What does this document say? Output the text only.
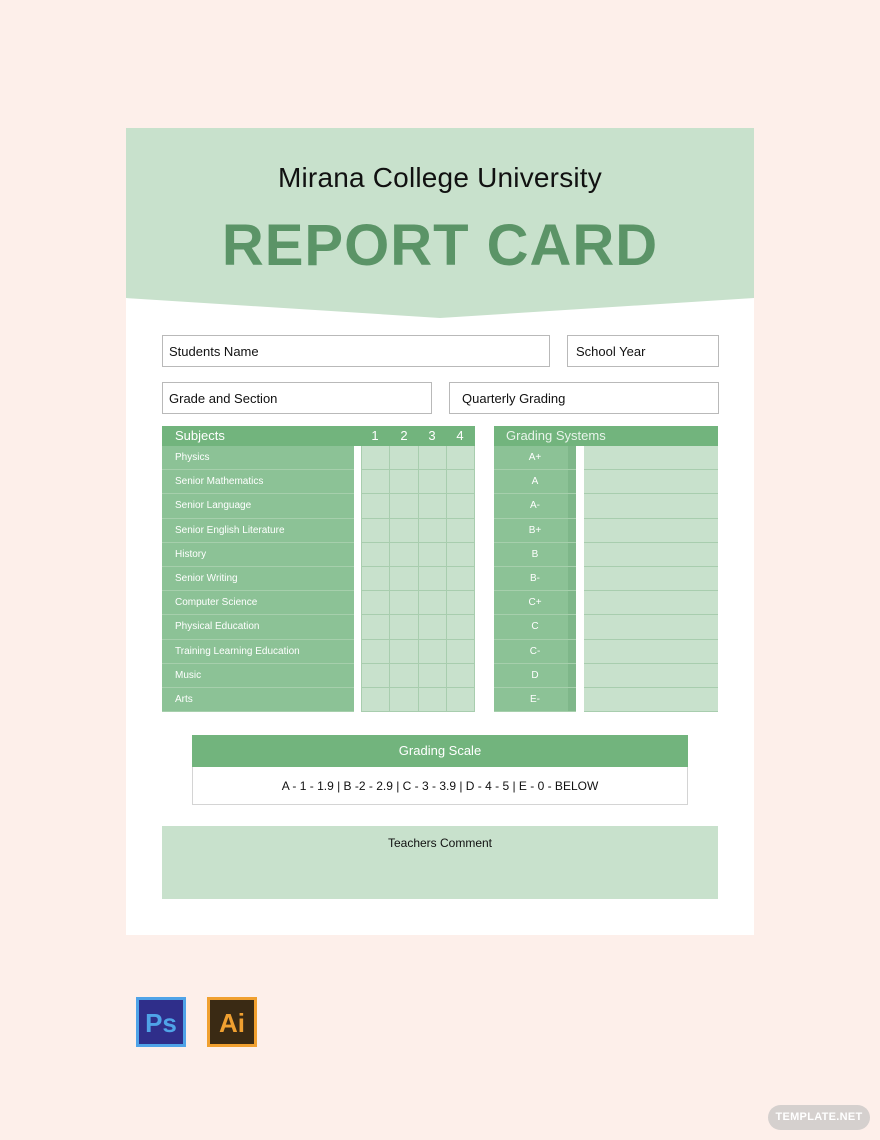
Mirana College University
REPORT CARD
Students Name	School Year
Grade and Section	Quarterly Grading
Subjects	1	2	3	4
Physics
Senior Mathematics
Senior Language
Senior English Literature
History
Senior Writing
Computer Science
Physical Education
Training Learning Education
Music
Arts
Grading Systems
A+
A
A-
B+
B
B-
C+
C
C-
D
E-
Grading Scale
A - 1 - 1.9 | B -2 - 2.9 | C - 3 - 3.9 | D - 4 - 5 | E - 0 - BELOW
Teachers Comment
Ps	Ai
TEMPLATE.NET
